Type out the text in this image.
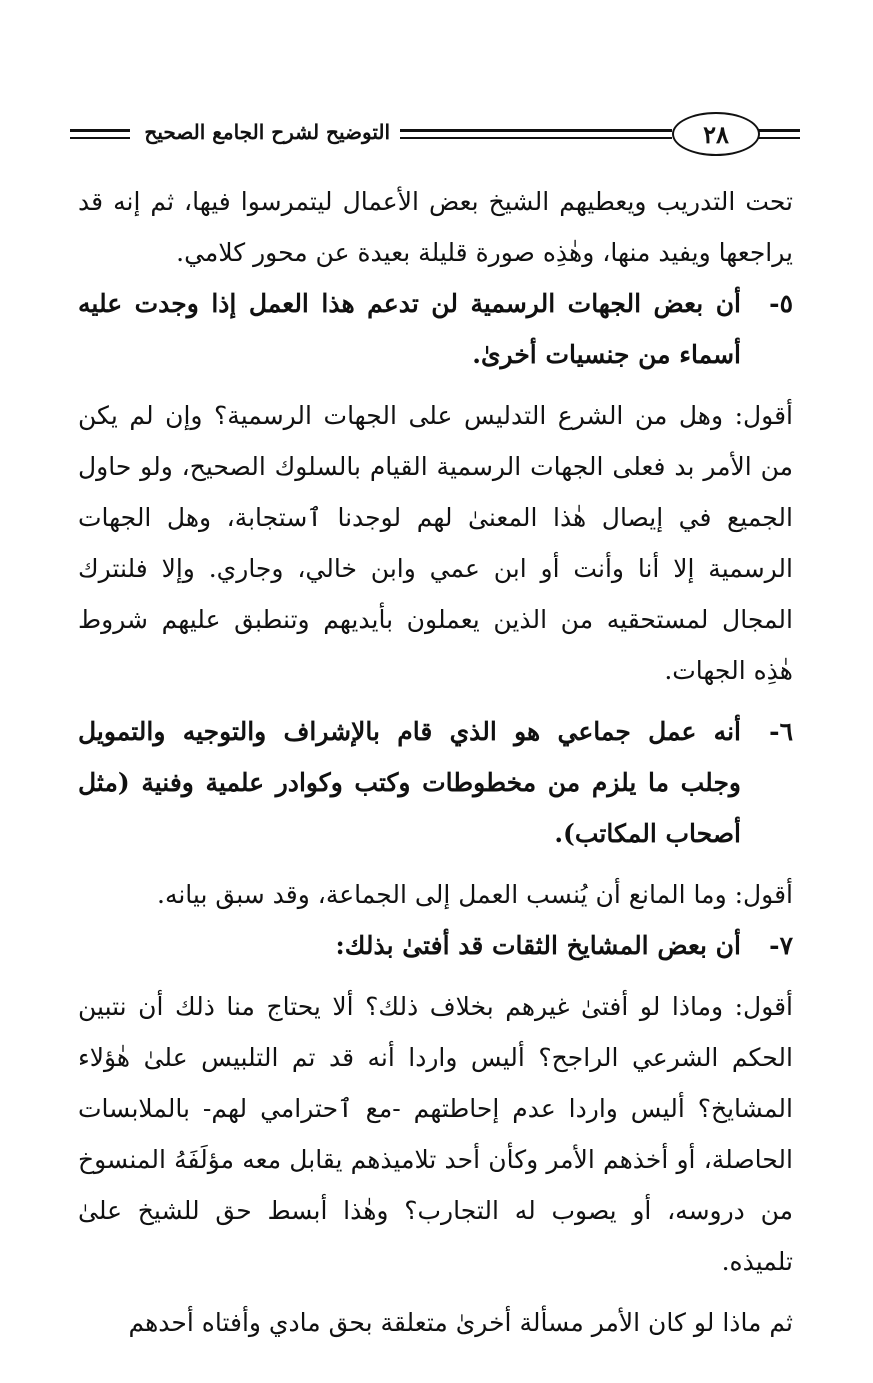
٢٨
التوضيح لشرح الجامع الصحيح

تحت التدريب ويعطيهم الشيخ بعض الأعمال ليتمرسوا فيها، ثم إنه قد يراجعها ويفيد منها، وهٰذِه صورة قليلة بعيدة عن محور كلامي.

٥-
أن بعض الجهات الرسمية لن تدعم هذا العمل إذا وجدت عليه أسماء من جنسيات أخرىٰ.

أقول: وهل من الشرع التدليس على الجهات الرسمية؟ وإن لم يكن من الأمر بد فعلى الجهات الرسمية القيام بالسلوك الصحيح، ولو حاول الجميع في إيصال هٰذا المعنىٰ لهم لوجدنا ٱستجابة، وهل الجهات الرسمية إلا أنا وأنت أو ابن عمي وابن خالي، وجاري. وإلا فلنترك المجال لمستحقيه من الذين يعملون بأيديهم وتنطبق عليهم شروط هٰذِه الجهات.

٦-
أنه عمل جماعي هو الذي قام بالإشراف والتوجيه والتمويل وجلب ما يلزم من مخطوطات وكتب وكوادر علمية وفنية (مثل أصحاب المكاتب).

أقول: وما المانع أن يُنسب العمل إلى الجماعة، وقد سبق بيانه.

٧-
أن بعض المشايخ الثقات قد أفتىٰ بذلك:

أقول: وماذا لو أفتىٰ غيرهم بخلاف ذلك؟ ألا يحتاج منا ذلك أن نتبين الحكم الشرعي الراجح؟ أليس واردا أنه قد تم التلبيس علىٰ هٰؤلاء المشايخ؟ أليس واردا عدم إحاطتهم -مع ٱحترامي لهم- بالملابسات الحاصلة، أو أخذهم الأمر وكأن أحد تلاميذهم يقابل معه مؤلَفَهُ المنسوخ من دروسه، أو يصوب له التجارب؟ وهٰذا أبسط حق للشيخ علىٰ تلميذه.

ثم ماذا لو كان الأمر مسألة أخرىٰ متعلقة بحق مادي وأفتاه أحدهم
